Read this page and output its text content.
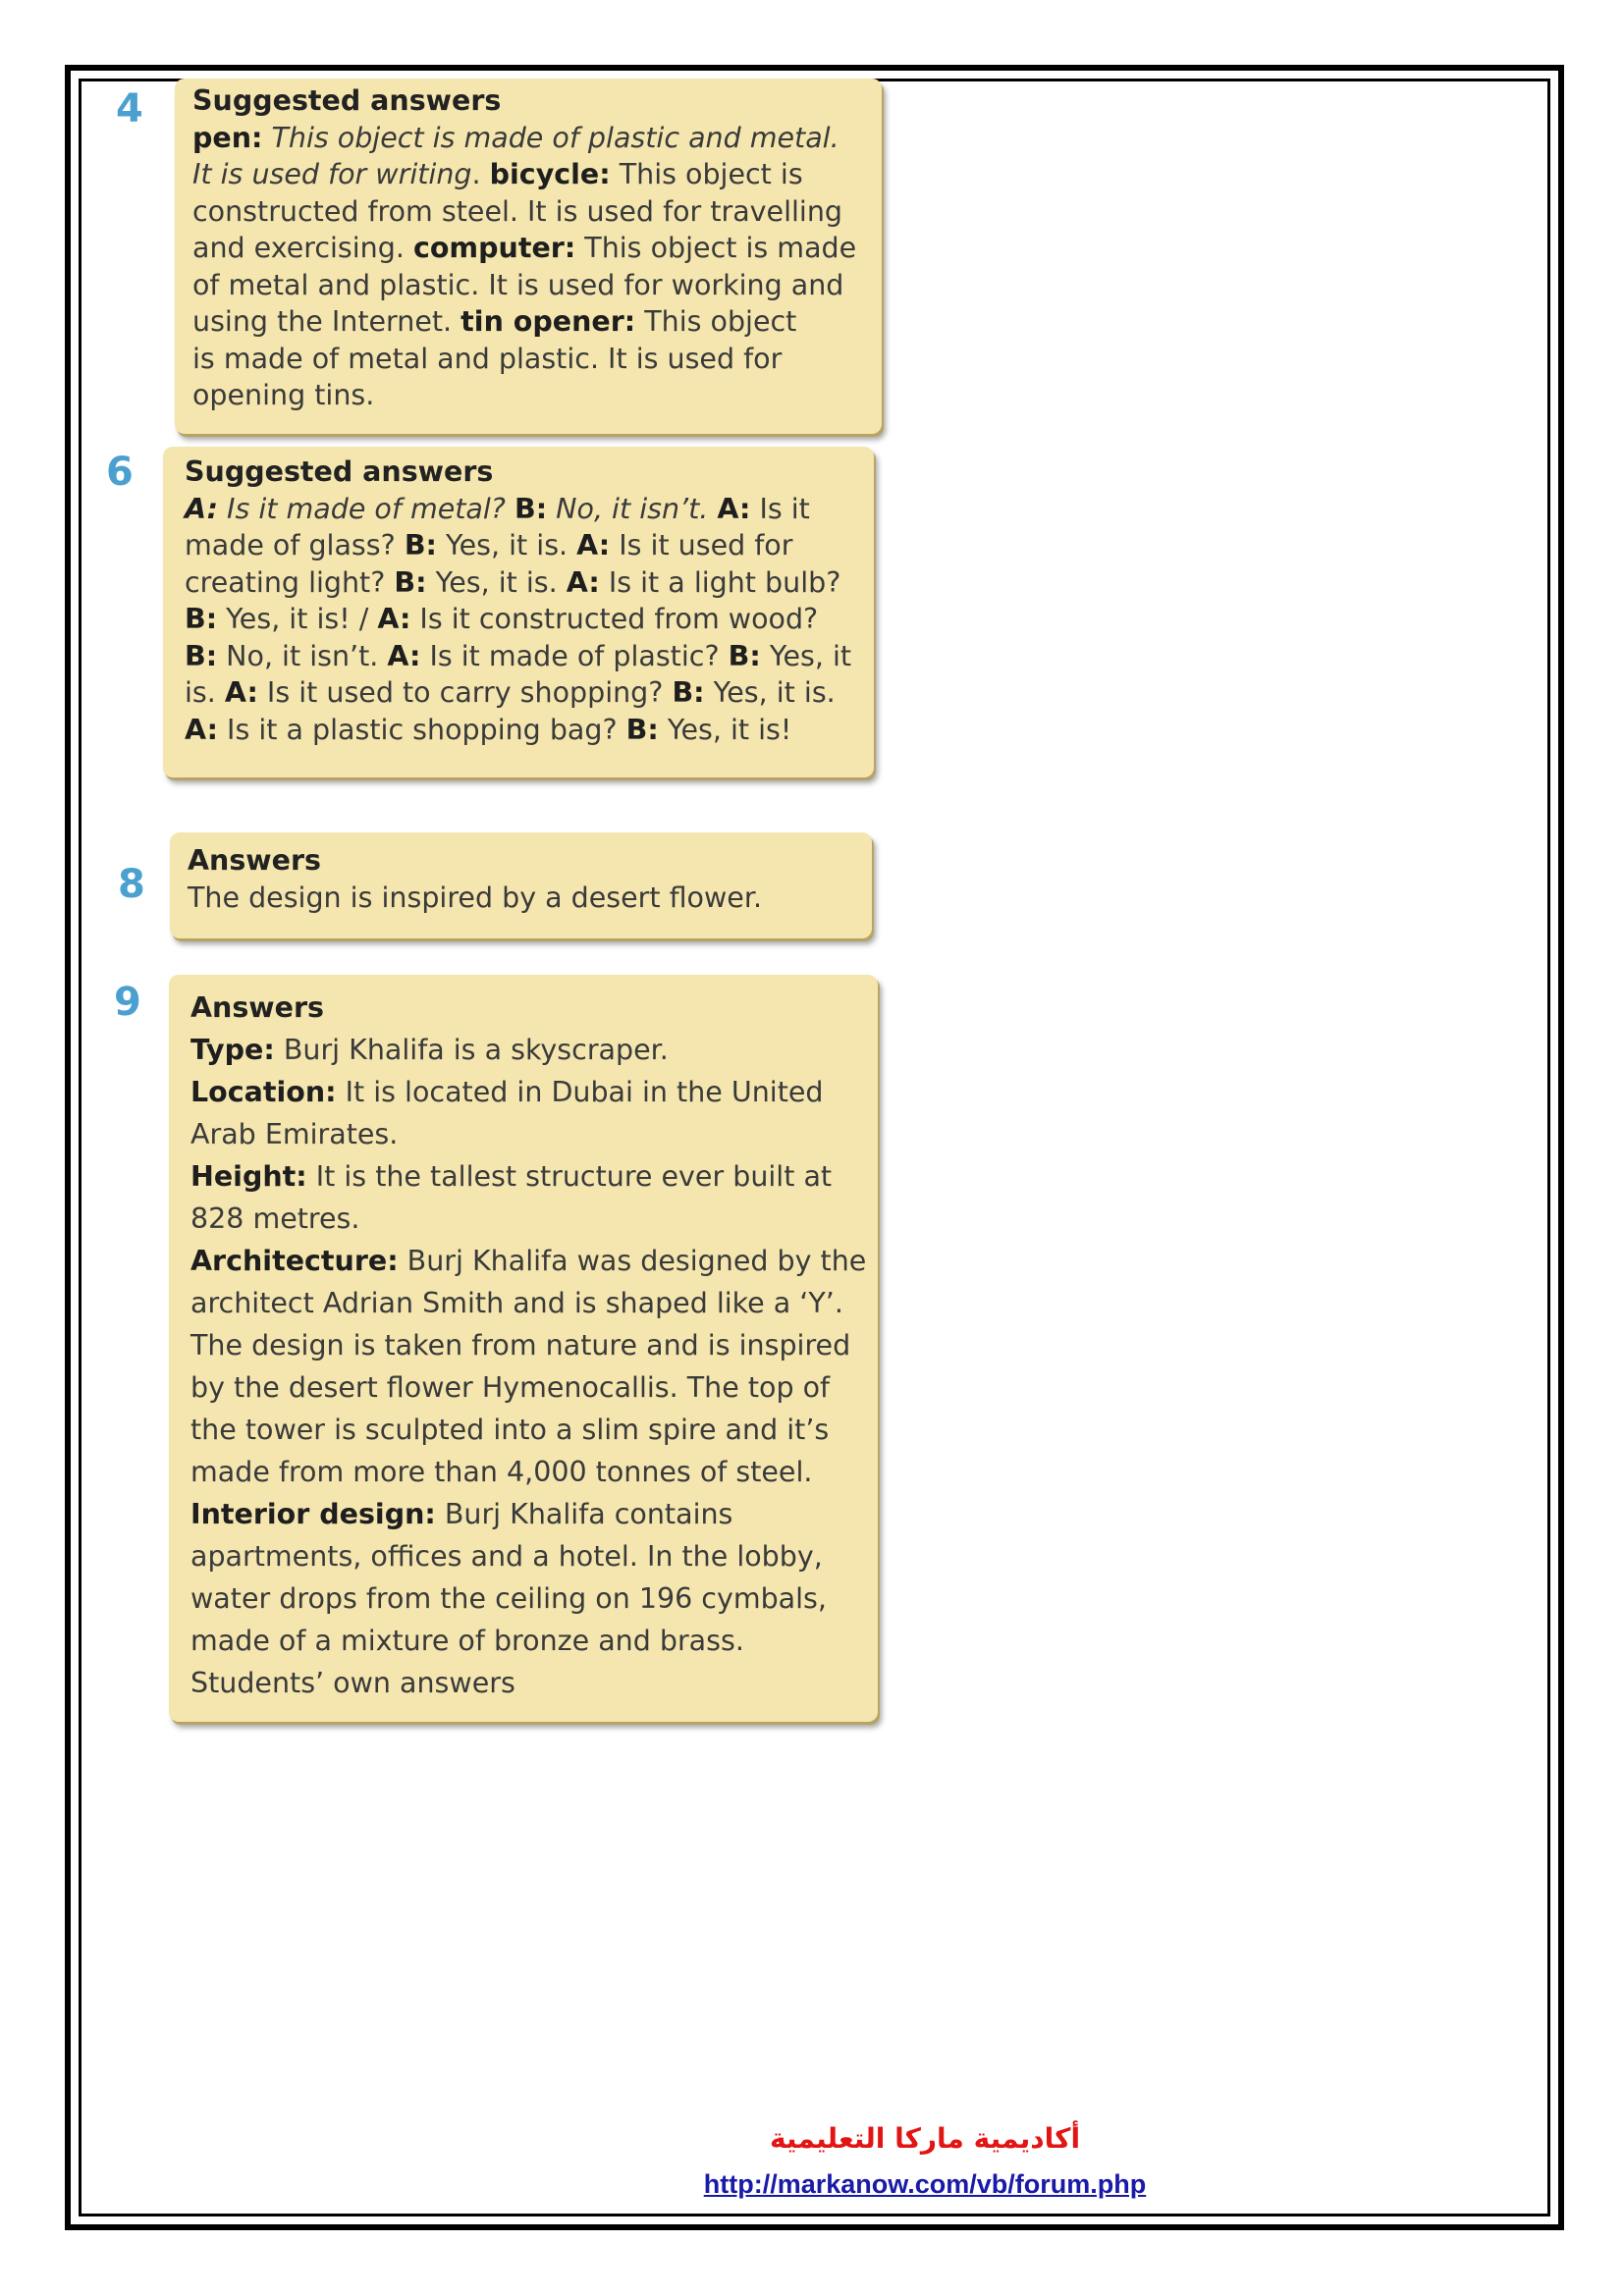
4 Suggested answers
pen: This object is made of plastic and metal.
It is used for writing. bicycle: This object is
constructed from steel. It is used for travelling
and exercising. computer: This object is made
of metal and plastic. It is used for working and
using the Internet. tin opener: This object
is made of metal and plastic. It is used for
opening tins.
6 Suggested answers
A: Is it made of metal? B: No, it isn’t. A: Is it
made of glass? B: Yes, it is. A: Is it used for
creating light? B: Yes, it is. A: Is it a light bulb?
B: Yes, it is! / A: Is it constructed from wood?
B: No, it isn’t. A: Is it made of plastic? B: Yes, it
is. A: Is it used to carry shopping? B: Yes, it is.
A: Is it a plastic shopping bag? B: Yes, it is!
8
Answers
The design is inspired by a desert flower.
9 Answers
Type: Burj Khalifa is a skyscraper.
Location: It is located in Dubai in the United
Arab Emirates.
Height: It is the tallest structure ever built at
828 metres.
Architecture: Burj Khalifa was designed by the
architect Adrian Smith and is shaped like a ‘Y’.
The design is taken from nature and is inspired
by the desert flower Hymenocallis. The top of
the tower is sculpted into a slim spire and it’s
made from more than 4,000 tonnes of steel.
Interior design: Burj Khalifa contains
apartments, offices and a hotel. In the lobby,
water drops from the ceiling on 196 cymbals,
made of a mixture of bronze and brass.
Students’ own answers
أكاديمية ماركا التعليمية
http://markanow.com/vb/forum.php
